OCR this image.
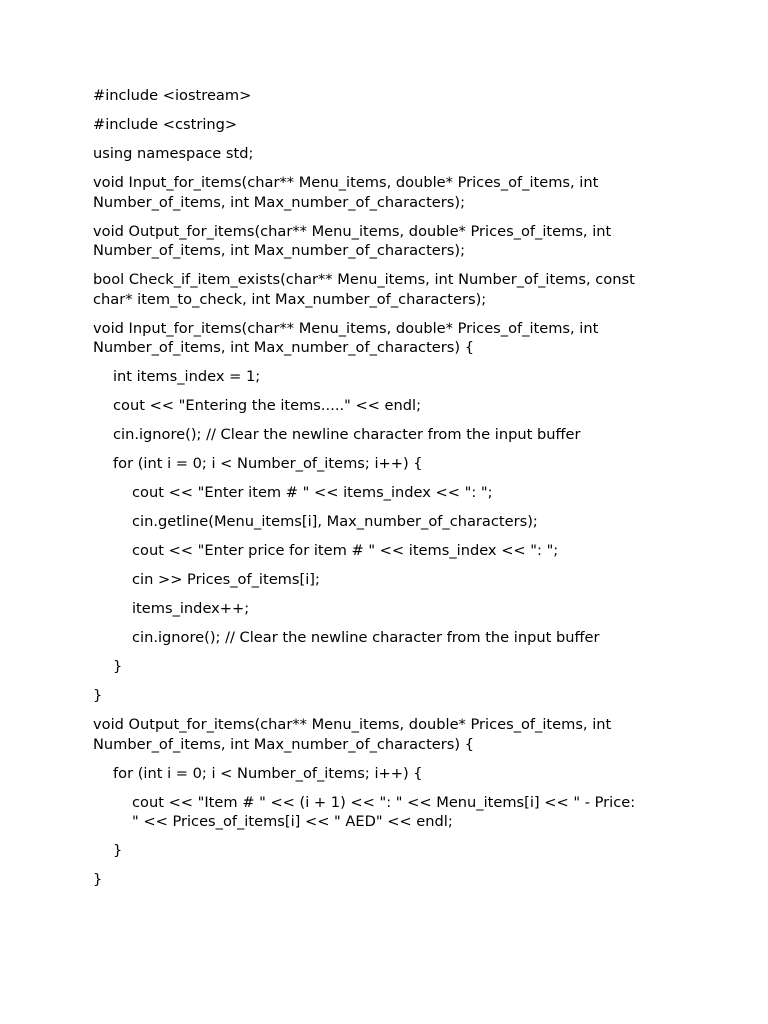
#include <iostream>

#include <cstring>

using namespace std;

void Input_for_items(char** Menu_items, double* Prices_of_items, int Number_of_items, int Max_number_of_characters);

void Output_for_items(char** Menu_items, double* Prices_of_items, int Number_of_items, int Max_number_of_characters);

bool Check_if_item_exists(char** Menu_items, int Number_of_items, const char* item_to_check, int Max_number_of_characters);

void Input_for_items(char** Menu_items, double* Prices_of_items, int Number_of_items, int Max_number_of_characters) {

int items_index = 1;

cout << "Entering the items....." << endl;

cin.ignore(); // Clear the newline character from the input buffer

for (int i = 0; i < Number_of_items; i++) {

cout << "Enter item # " << items_index << ": ";

cin.getline(Menu_items[i], Max_number_of_characters);

cout << "Enter price for item # " << items_index << ": ";

cin >> Prices_of_items[i];

items_index++;

cin.ignore(); // Clear the newline character from the input buffer

}

}

void Output_for_items(char** Menu_items, double* Prices_of_items, int Number_of_items, int Max_number_of_characters) {

for (int i = 0; i < Number_of_items; i++) {

cout << "Item # " << (i + 1) << ": " << Menu_items[i] << " - Price:
" << Prices_of_items[i] << " AED" << endl;

}

}
